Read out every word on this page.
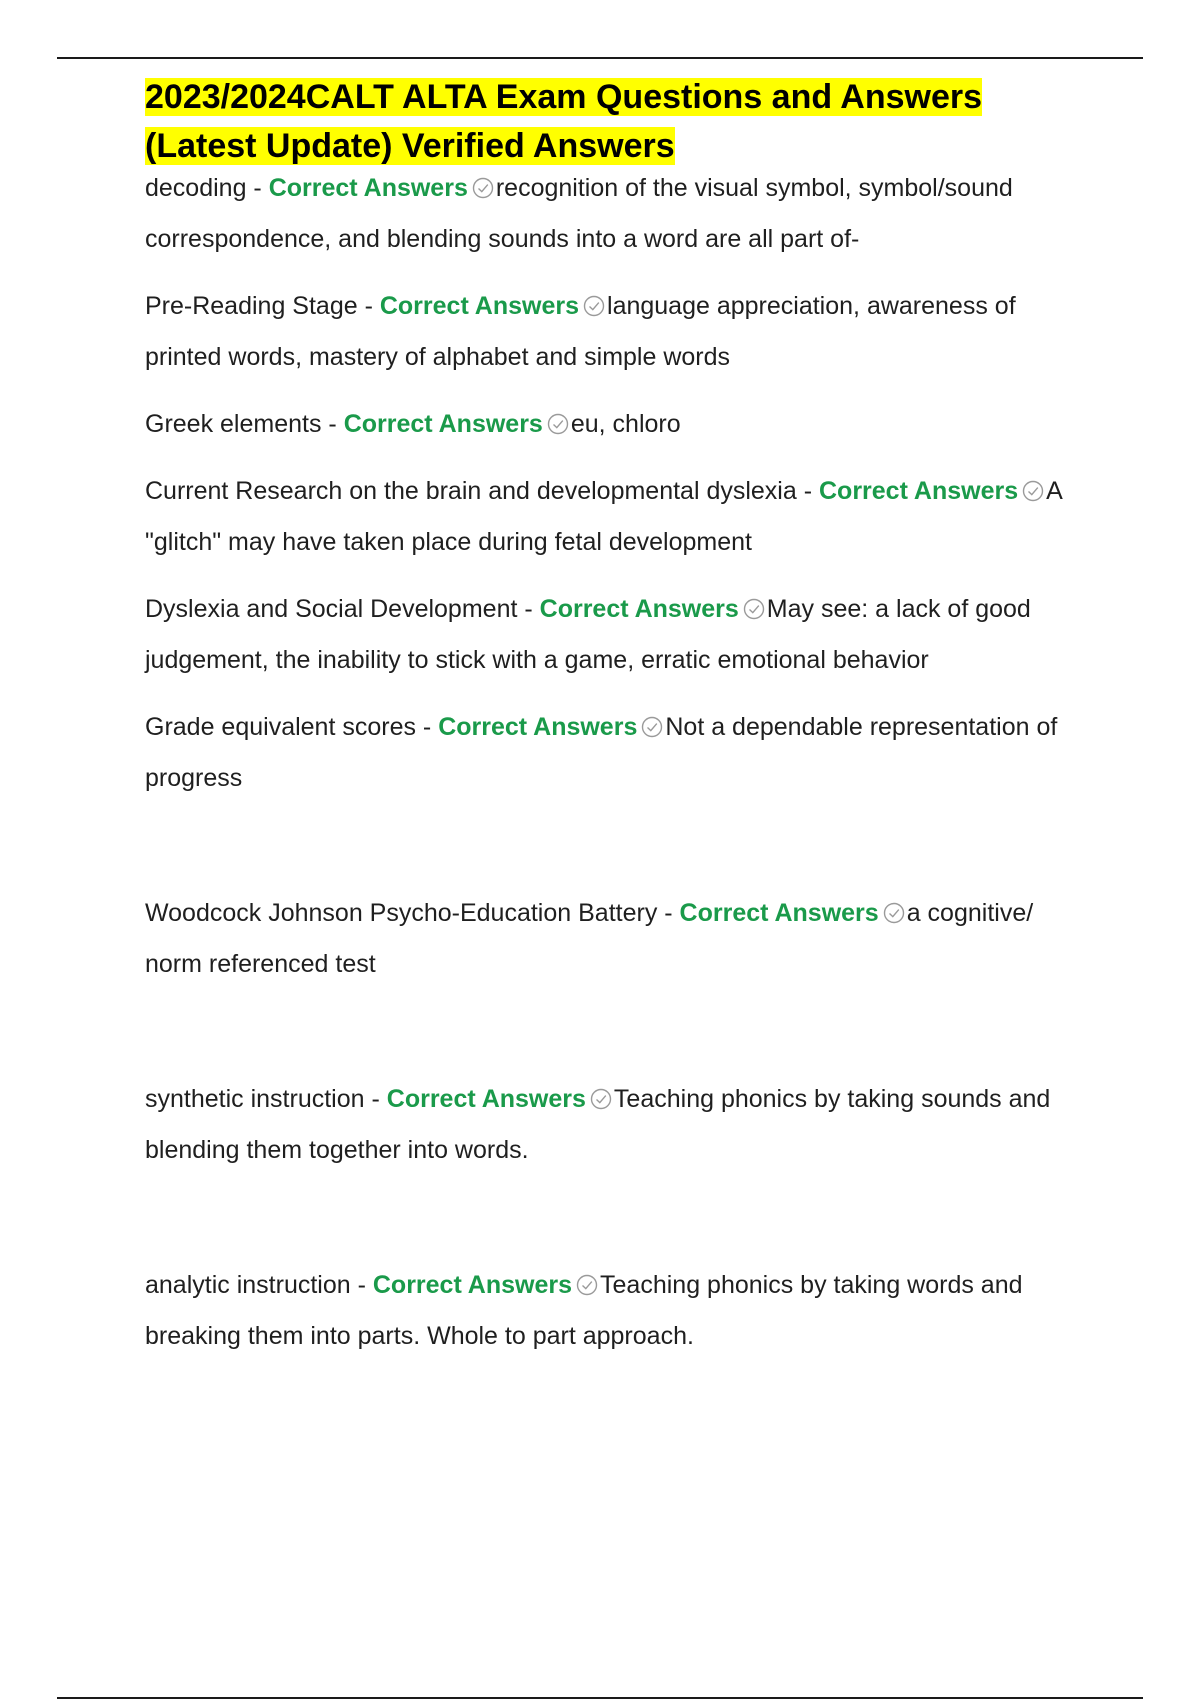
2023/2024CALT ALTA Exam Questions and Answers (Latest Update) Verified Answers

decoding - Correct Answers recognition of the visual symbol, symbol/sound correspondence, and blending sounds into a word are all part of-

Pre-Reading Stage - Correct Answers language appreciation, awareness of printed words, mastery of alphabet and simple words

Greek elements - Correct Answers eu, chloro

Current Research on the brain and developmental dyslexia - Correct Answers A "glitch" may have taken place during fetal development

Dyslexia and Social Development - Correct Answers May see: a lack of good judgement, the inability to stick with a game, erratic emotional behavior

Grade equivalent scores - Correct Answers Not a dependable representation of progress

Woodcock Johnson Psycho-Education Battery - Correct Answers a cognitive/ norm referenced test

synthetic instruction - Correct Answers Teaching phonics by taking sounds and blending them together into words.

analytic instruction - Correct Answers Teaching phonics by taking words and breaking them into parts. Whole to part approach.
